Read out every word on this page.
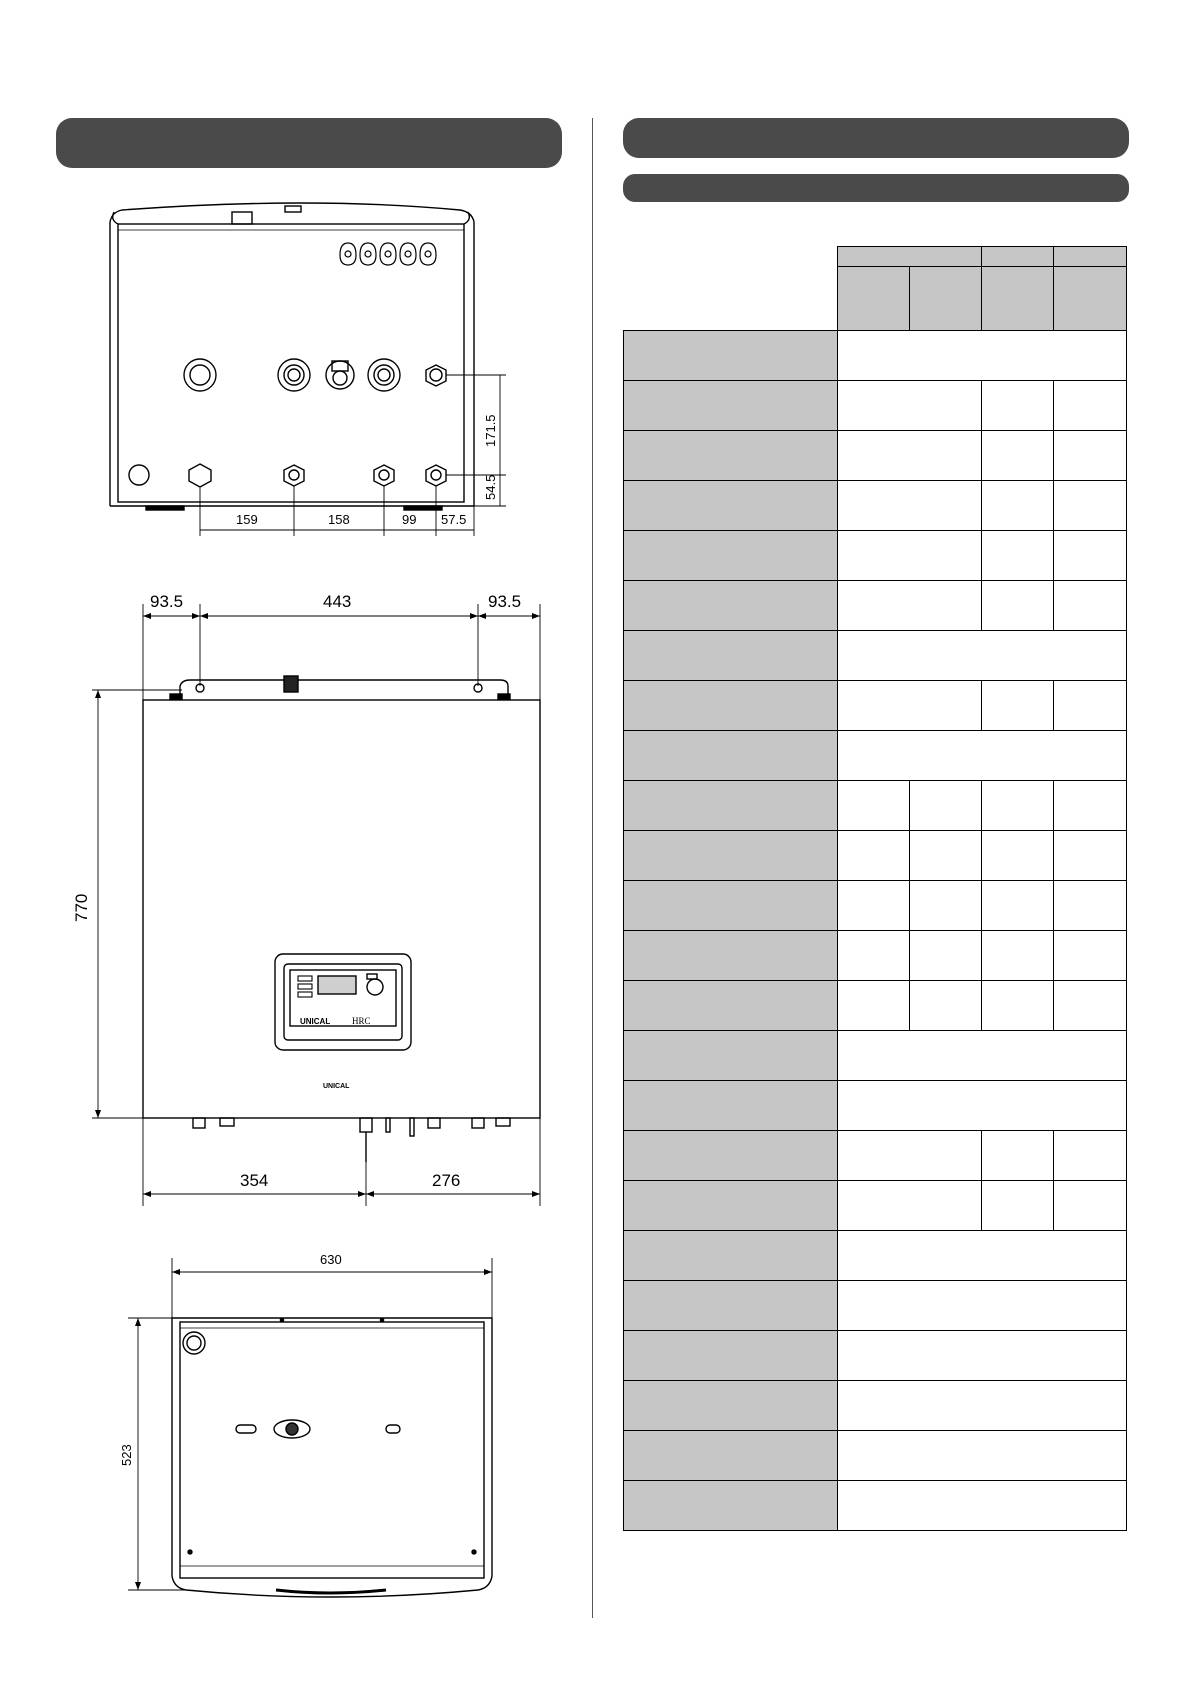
159	158	99 57.5
171.5
54.5
UNICAL HRC
UNICAL
93.5	443	93.5
770
354	276
630
523
